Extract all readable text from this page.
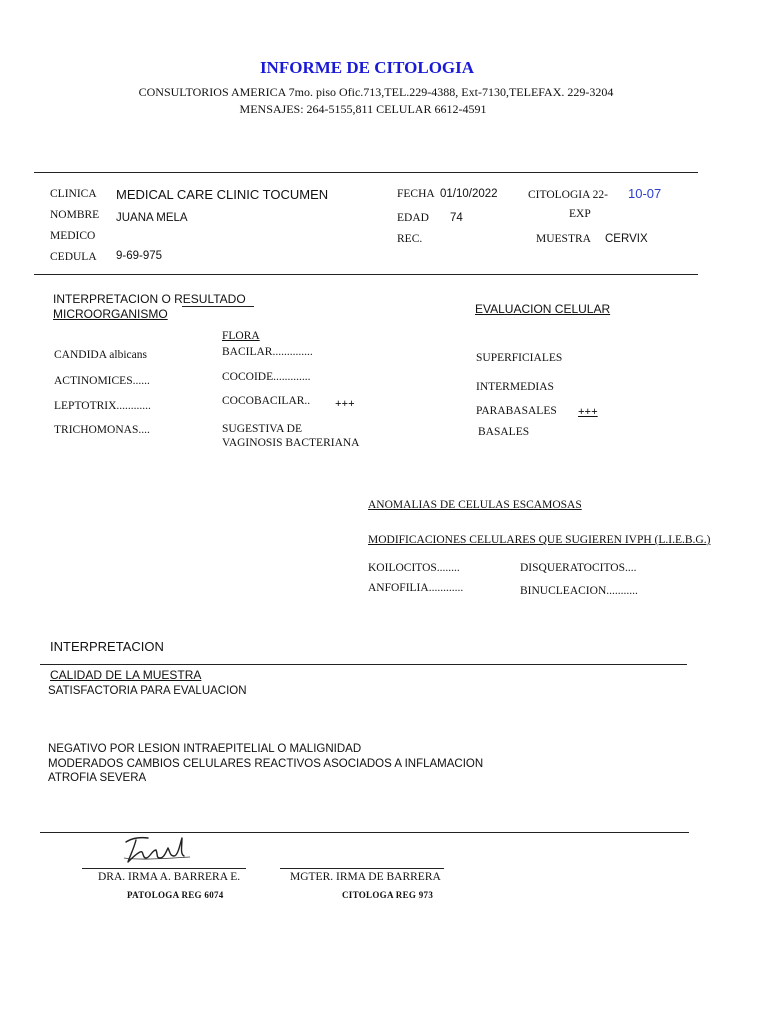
INFORME DE CITOLOGIA
CONSULTORIOS AMERICA 7mo. piso Ofic.713,TEL.229-4388, Ext-7130,TELEFAX. 229-3204
MENSAJES: 264-5155,811 CELULAR 6612-4591
CLINICA MEDICAL CARE CLINIC TOCUMEN
NOMBRE JUANA MELA
MEDICO
CEDULA 9-69-975
FECHA 01/10/2022
EDAD 74
REC.
CITOLOGIA 22- 10-07
EXP
MUESTRA CERVIX
INTERPRETACION O RESULTADO
MICROORGANISMO
CANDIDA albicans
ACTINOMICES......
LEPTOTRIX............
TRICHOMONAS....
FLORA
BACILAR..............
COCOIDE.............
COCOBACILAR.. +++
SUGESTIVA DE
VAGINOSIS BACTERIANA
EVALUACION CELULAR
SUPERFICIALES
INTERMEDIAS
PARABASALES +++
BASALES
ANOMALIAS DE CELULAS ESCAMOSAS
MODIFICACIONES CELULARES QUE SUGIEREN IVPH (L.I.E.B.G.)
KOILOCITOS........
ANFOFILIA............
DISQUERATOCITOS....
BINUCLEACION...........
INTERPRETACION
CALIDAD DE LA MUESTRA
SATISFACTORIA PARA EVALUACION
NEGATIVO POR LESION INTRAEPITELIAL O MALIGNIDAD
MODERADOS CAMBIOS CELULARES REACTIVOS ASOCIADOS A INFLAMACION
ATROFIA SEVERA
DRA. IRMA A. BARRERA E.
PATOLOGA REG 6074
MGTER. IRMA DE BARRERA
CITOLOGA REG 973
